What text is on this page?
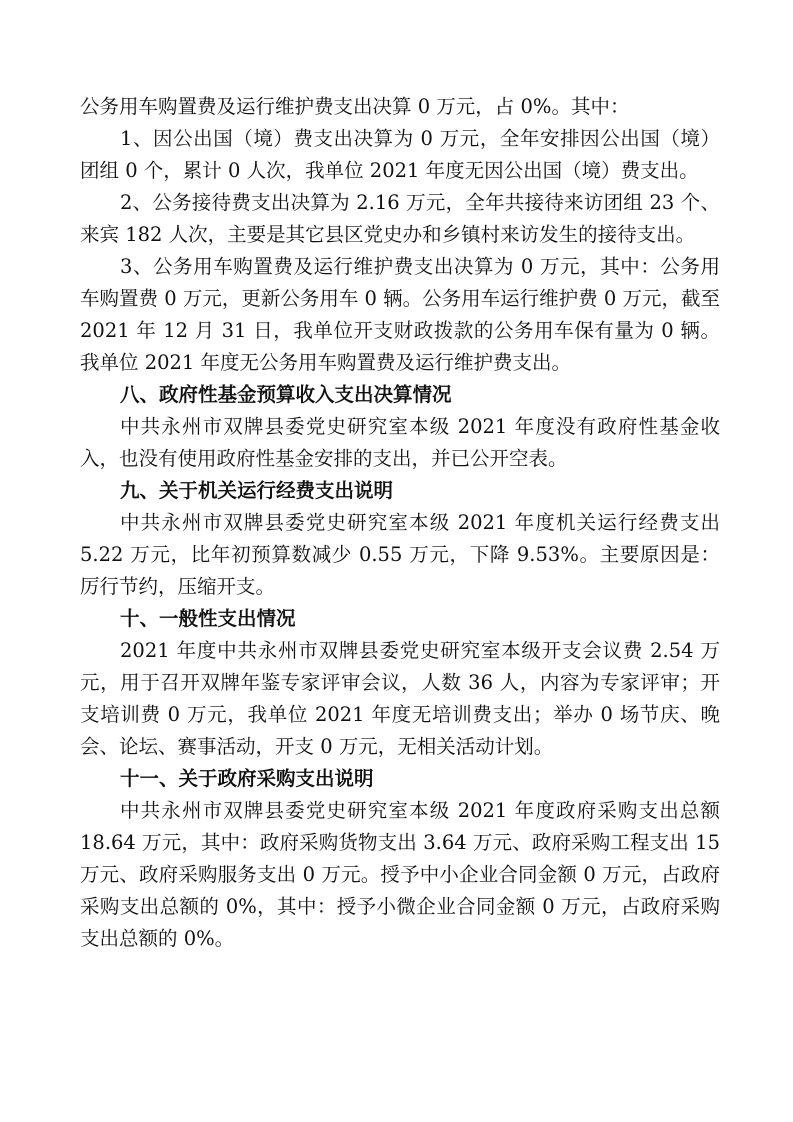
公务用车购置费及运行维护费支出决算 0 万元，占 0%。其中：

1、因公出国（境）费支出决算为 0 万元，全年安排因公出国（境）团组 0 个，累计 0 人次，我单位 2021 年度无因公出国（境）费支出。

2、公务接待费支出决算为 2.16 万元，全年共接待来访团组 23 个、来宾 182 人次，主要是其它县区党史办和乡镇村来访发生的接待支出。

3、公务用车购置费及运行维护费支出决算为 0 万元，其中：公务用车购置费 0 万元，更新公务用车 0 辆。公务用车运行维护费 0 万元，截至 2021 年 12 月 31 日，我单位开支财政拨款的公务用车保有量为 0 辆。我单位 2021 年度无公务用车购置费及运行维护费支出。

八、政府性基金预算收入支出决算情况

中共永州市双牌县委党史研究室本级 2021 年度没有政府性基金收入，也没有使用政府性基金安排的支出，并已公开空表。

九、关于机关运行经费支出说明

中共永州市双牌县委党史研究室本级 2021 年度机关运行经费支出 5.22 万元，比年初预算数减少 0.55 万元，下降 9.53%。主要原因是：厉行节约，压缩开支。

十、一般性支出情况

2021 年度中共永州市双牌县委党史研究室本级开支会议费 2.54 万元，用于召开双牌年鉴专家评审会议，人数 36 人，内容为专家评审；开支培训费 0 万元，我单位 2021 年度无培训费支出；举办 0 场节庆、晚会、论坛、赛事活动，开支 0 万元，无相关活动计划。

十一、关于政府采购支出说明

中共永州市双牌县委党史研究室本级 2021 年度政府采购支出总额 18.64 万元，其中：政府采购货物支出 3.64 万元、政府采购工程支出 15 万元、政府采购服务支出 0 万元。授予中小企业合同金额 0 万元，占政府采购支出总额的 0%，其中：授予小微企业合同金额 0 万元，占政府采购支出总额的 0%。
